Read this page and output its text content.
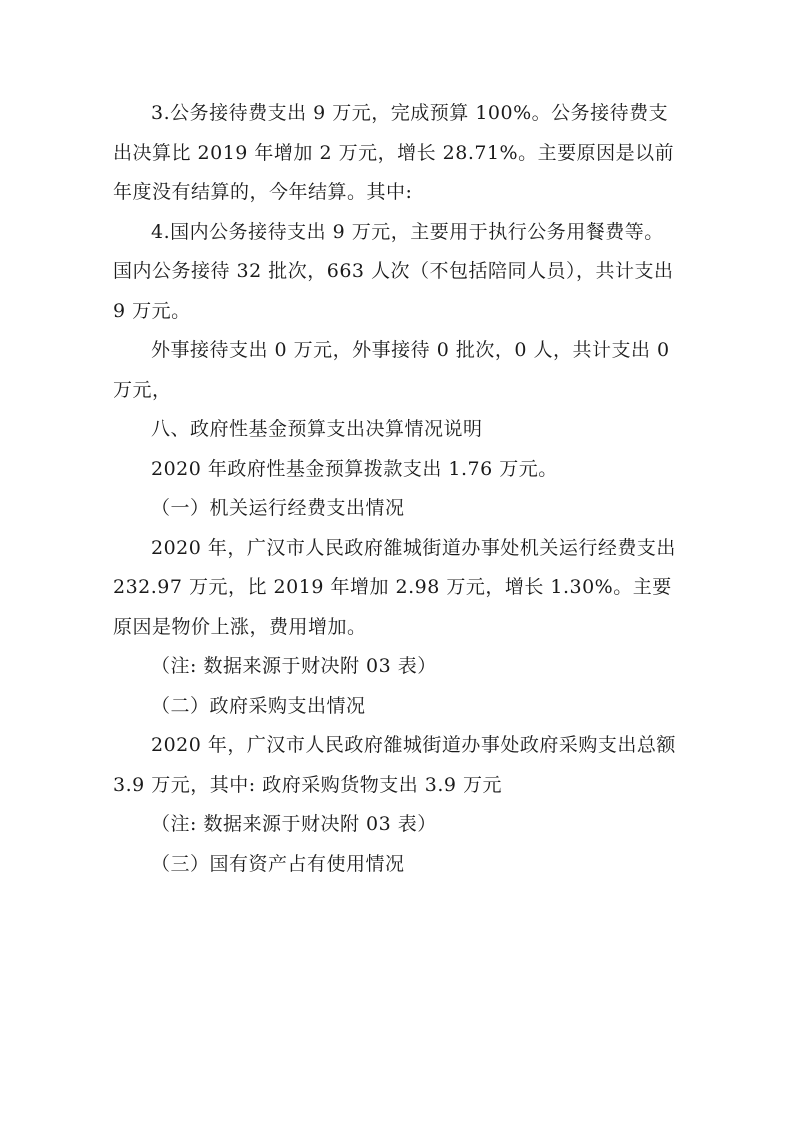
3.公务接待费支出 9 万元，完成预算 100%。公务接待费支出决算比 2019 年增加 2 万元，增长 28.71%。主要原因是以前年度没有结算的，今年结算。其中:

4.国内公务接待支出 9 万元，主要用于执行公务用餐费等。国内公务接待 32 批次，663 人次（不包括陪同人员），共计支出 9 万元。

外事接待支出 0 万元，外事接待 0 批次，0 人，共计支出 0 万元，

八、政府性基金预算支出决算情况说明

2020 年政府性基金预算拨款支出 1.76 万元。

（一）机关运行经费支出情况

2020 年，广汉市人民政府雒城街道办事处机关运行经费支出 232.97 万元，比 2019 年增加 2.98 万元，增长 1.30%。主要原因是物价上涨，费用增加。

（注: 数据来源于财决附 03 表）

（二）政府采购支出情况

2020 年，广汉市人民政府雒城街道办事处政府采购支出总额 3.9 万元，其中: 政府采购货物支出 3.9 万元

（注: 数据来源于财决附 03 表）

（三）国有资产占有使用情况
